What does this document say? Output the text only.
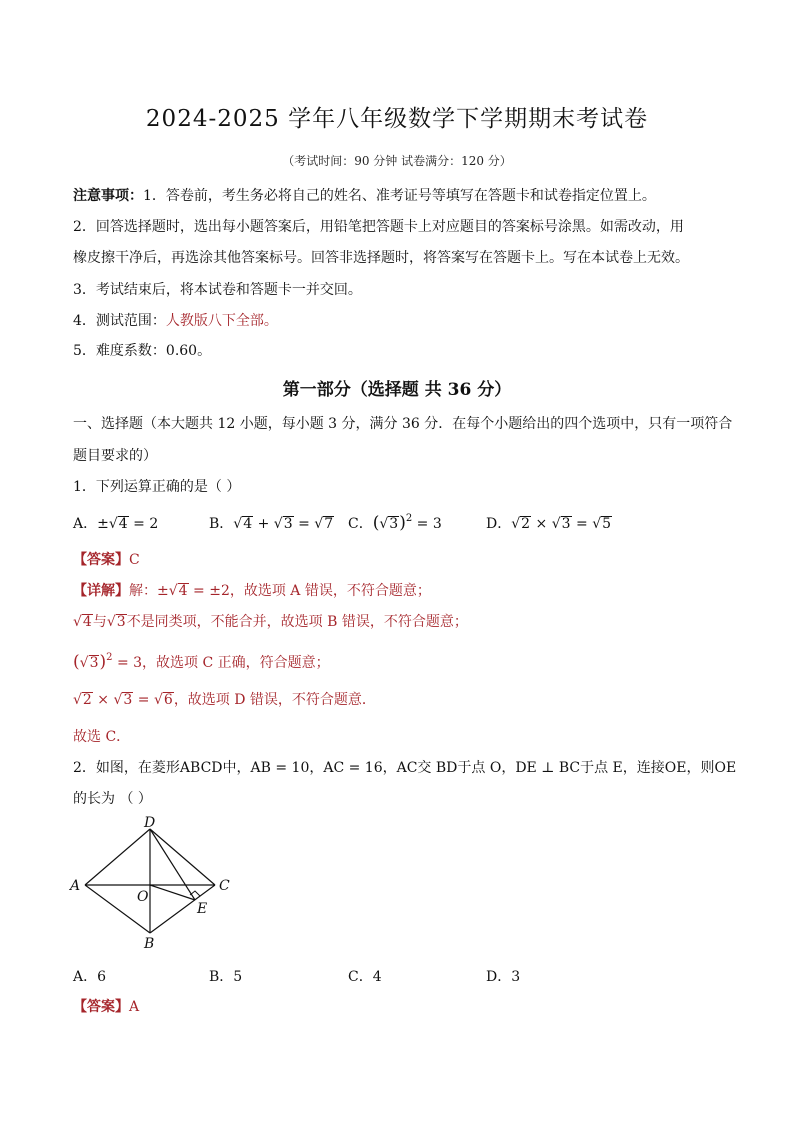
2024-2025 学年八年级数学下学期期末考试卷
（考试时间：90 分钟 试卷满分：120 分）
注意事项：1．答卷前，考生务必将自己的姓名、准考证号等填写在答题卡和试卷指定位置上。
2．回答选择题时，选出每小题答案后，用铅笔把答题卡上对应题目的答案标号涂黑。如需改动，用
橡皮擦干净后，再选涂其他答案标号。回答非选择题时，将答案写在答题卡上。写在本试卷上无效。
3．考试结束后，将本试卷和答题卡一并交回。
4．测试范围：人教版八下全部。
5．难度系数：0.60。
第一部分（选择题 共 36 分）
一、选择题（本大题共 12 小题，每小题 3 分，满分 36 分．在每个小题给出的四个选项中，只有一项符合
题目要求的）
1．下列运算正确的是（ ）
A．±√4 = 2	B．√4 + √3 = √7 C．$(√3)^2 = 3$	D．√2 × √3 = √5
【答案】C
【详解】解：±√4 = ±2，故选项 A 错误，不符合题意；
√4与√3不是同类项，不能合并，故选项 B 错误，不符合题意；
$(√3)^2 = 3$，故选项 C 正确，符合题意；
√2 × √3 = √6，故选项 D 错误，不符合题意．
故选 C．
2．如图，在菱形ABCD中，AB = 10，AC = 16，AC交 BD于点 O，DE ⊥ BC于点 E，连接OE，则OE
的长为 （ ）
D
A	C
O
E
B
A．6	B．5	C．4	D．3
【答案】A
